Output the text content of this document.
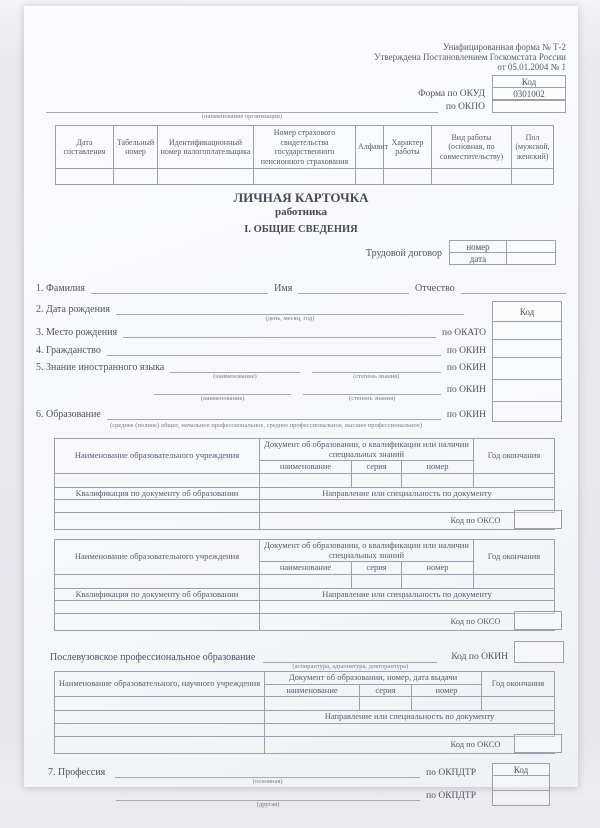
Унифицированная форма № Т-2
Утверждена Постановлением Госкомстата России
от 05.01.2004 № 1
Код
Форма по ОКУД	0301002
(наименование организации)
по ОКПО
Дата составления	Табельный номер	Идентификационный номер налогоплательщика	Номер страхового свидетельства государственного пенсионного страхования	Алфавит	Характер работы	Вид работы (основная, по совместительству)	Пол (мужской, женский)

ЛИЧНАЯ КАРТОЧКА
работника
I. ОБЩИЕ СВЕДЕНИЯ
Трудовой договор
номер
дата
1. Фамилия	Имя	Отчество
2. Дата рождения
(день, месяц, год)
Код
3. Место рождения	по ОКАТО
4. Гражданство	по ОКИН
5. Знание иностранного языка
(наименование)	(степень знания)
по ОКИН
(наименование)	(степень знания)
по ОКИН
6. Образование	по ОКИН
(среднее (полное) общее, начальное профессиональное, среднее профессиональное, высшее профессиональное)
Наименование образовательного учреждения	Документ об образовании, о квалификации или наличии специальных знаний			Год окончания
	наименование	серия	номер	

Квалификация по документу об образовании	Направление или специальность по документу			

	Код по ОКСО			
Наименование образовательного учреждения	Документ об образовании, о квалификации или наличии специальных знаний			Год окончания
	наименование	серия	номер	

Квалификация по документу об образовании	Направление или специальность по документу			

	Код по ОКСО			
Послевузовское профессиональное образование
(аспирантура, адъюнктура, докторантура)
Код по ОКИН
Наименование образовательного, научного учреждения	Документ об образовании, номер, дата выдачи			Год окончания
	наименование	серия	номер	

	Направление или специальность по документу			

	Код по ОКСО			
Код
7. Профессия
(основная)
по ОКПДТР
(другая)
по ОКПДТР
